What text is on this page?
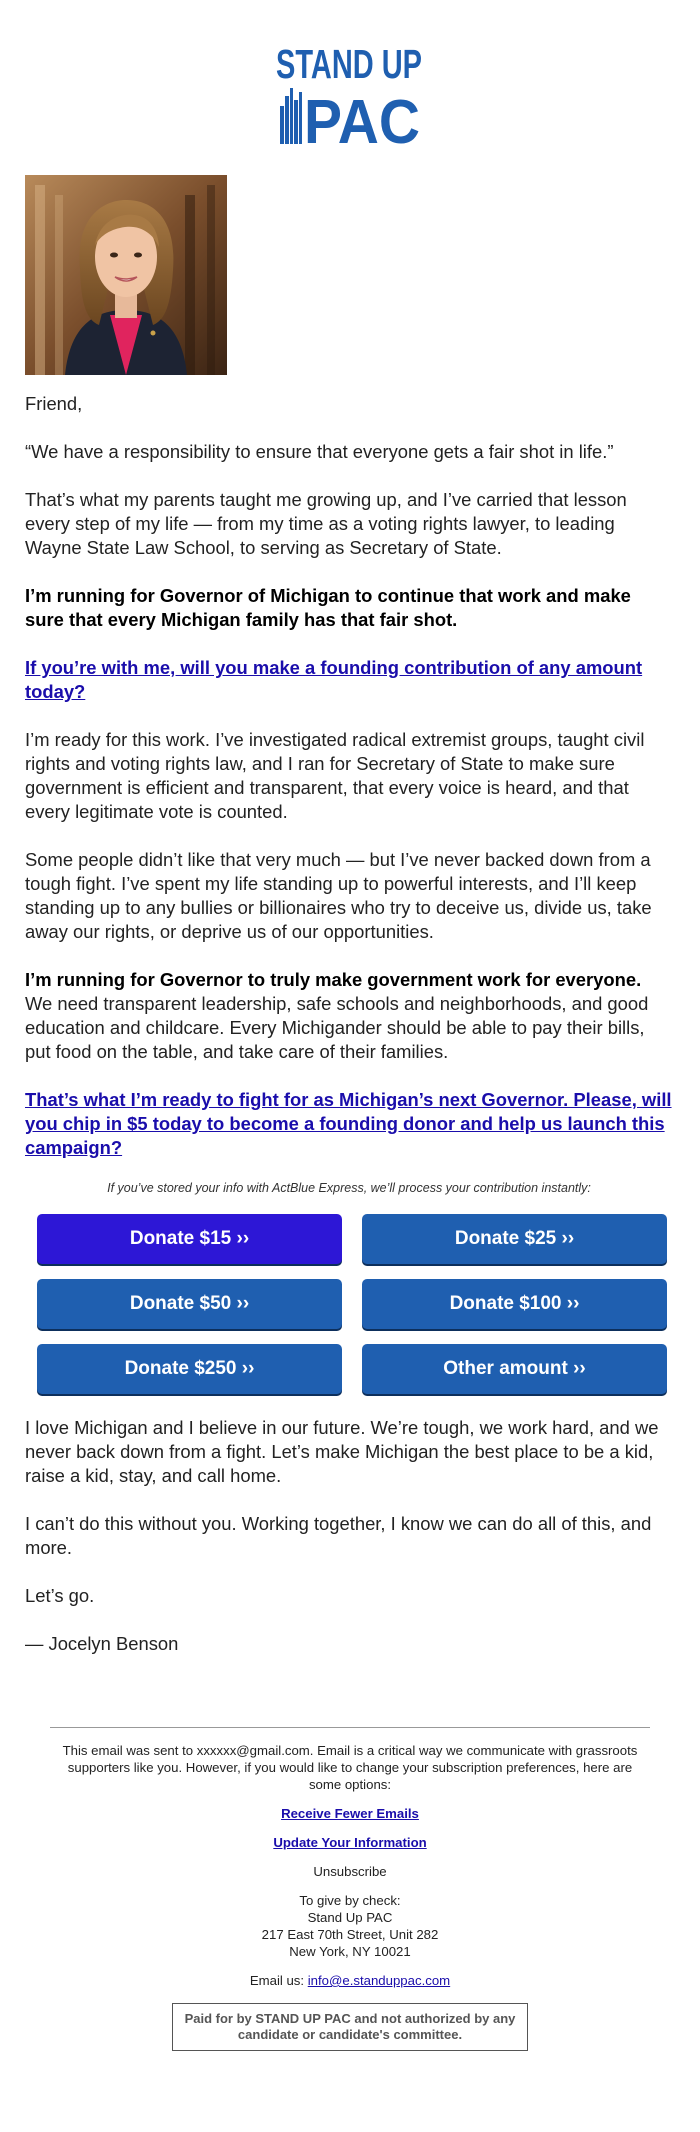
STAND UP
PAC

Friend,

“We have a responsibility to ensure that everyone gets a fair shot in life.”

That’s what my parents taught me growing up, and I’ve carried that lesson every step of my life — from my time as a voting rights lawyer, to leading Wayne State Law School, to serving as Secretary of State.

I’m running for Governor of Michigan to continue that work and make sure that every Michigan family has that fair shot.

If you’re with me, will you make a founding contribution of any amount today?

I’m ready for this work. I’ve investigated radical extremist groups, taught civil rights and voting rights law, and I ran for Secretary of State to make sure government is efficient and transparent, that every voice is heard, and that every legitimate vote is counted.

Some people didn’t like that very much — but I’ve never backed down from a tough fight. I’ve spent my life standing up to powerful interests, and I’ll keep standing up to any bullies or billionaires who try to deceive us, divide us, take away our rights, or deprive us of our opportunities.

I’m running for Governor to truly make government work for everyone. We need transparent leadership, safe schools and neighborhoods, and good education and childcare. Every Michigander should be able to pay their bills, put food on the table, and take care of their families.

That’s what I’m ready to fight for as Michigan’s next Governor. Please, will you chip in $5 today to become a founding donor and help us launch this campaign?

If you’ve stored your info with ActBlue Express, we’ll process your contribution instantly:
Donate $15 ››	Donate $25 ››
Donate $50 ››	Donate $100 ››
Donate $250 ››	Other amount ››

I love Michigan and I believe in our future. We’re tough, we work hard, and we never back down from a fight. Let’s make Michigan the best place to be a kid, raise a kid, stay, and call home.

I can’t do this without you. Working together, I know we can do all of this, and more.

Let’s go.

— Jocelyn Benson

This email was sent to xxxxxx@gmail.com. Email is a critical way we communicate with grassroots supporters like you. However, if you would like to change your subscription preferences, here are some options:

Receive Fewer Emails

Update Your Information

Unsubscribe

To give by check:
Stand Up PAC
217 East 70th Street, Unit 282
New York, NY 10021

Email us: info@e.standuppac.com

Paid for by STAND UP PAC and not authorized by any candidate or candidate's committee.
